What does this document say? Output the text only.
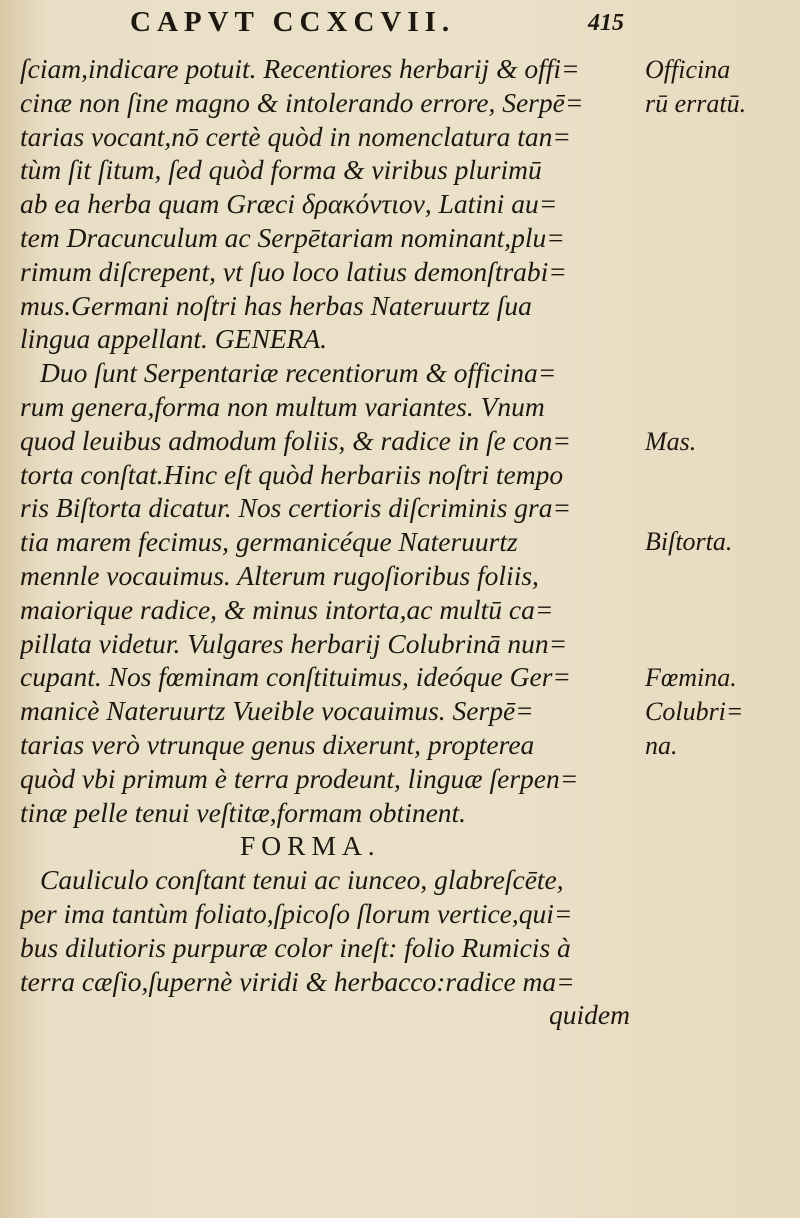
CAPVT CCXCVII.	415
ſciam,indicare potuit. Recentiores herbarij & offi=
cinæ non ſine magno & intolerando errore, Serpē=
tarias vocant,nō certè quòd in nomenclatura tan=
tùm ſit ſitum, ſed quòd forma & viribus plurimū
ab ea herba quam Græci δρακόντιον, Latini au=
tem Dracunculum ac Serpētariam nominant,plu=
rimum diſcrepent, vt ſuo loco latius demonſtrabi=
mus.Germani noſtri has herbas Nateruurtz ſua
lingua appellant. GENERA.
Duo ſunt Serpentariæ recentiorum & officina=
rum genera,forma non multum variantes. Vnum
quod leuibus admodum foliis, & radice in ſe con=
torta conſtat.Hinc eſt quòd herbariis noſtri tempo
ris Biſtorta dicatur. Nos certioris diſcriminis gra=
tia marem fecimus, germanicéque Nateruurtz
mennle vocauimus. Alterum rugoſioribus foliis,
maiorique radice, & minus intorta,ac multū ca=
pillata videtur. Vulgares herbarij Colubrinā nun=
cupant. Nos fœminam conſtituimus, ideóque Ger=
manicè Nateruurtz Vueible vocauimus. Serpē=
tarias verò vtrunque genus dixerunt, propterea
quòd vbi primum è terra prodeunt, linguæ ſerpen=
tinæ pelle tenui veſtitæ,formam obtinent.
FORMA.
Cauliculo conſtant tenui ac iunceo, glabreſcēte,
per ima tantùm foliato,ſpicoſo ſlorum vertice,qui=
bus dilutioris purpuræ color ineſt: folio Rumicis à
terra cæſio,ſupernè viridi & herbacco:radice ma=
quidem
Officina
rū erratū.
Mas.
Biſtorta.
Fœmina.
Colubri=
na.
